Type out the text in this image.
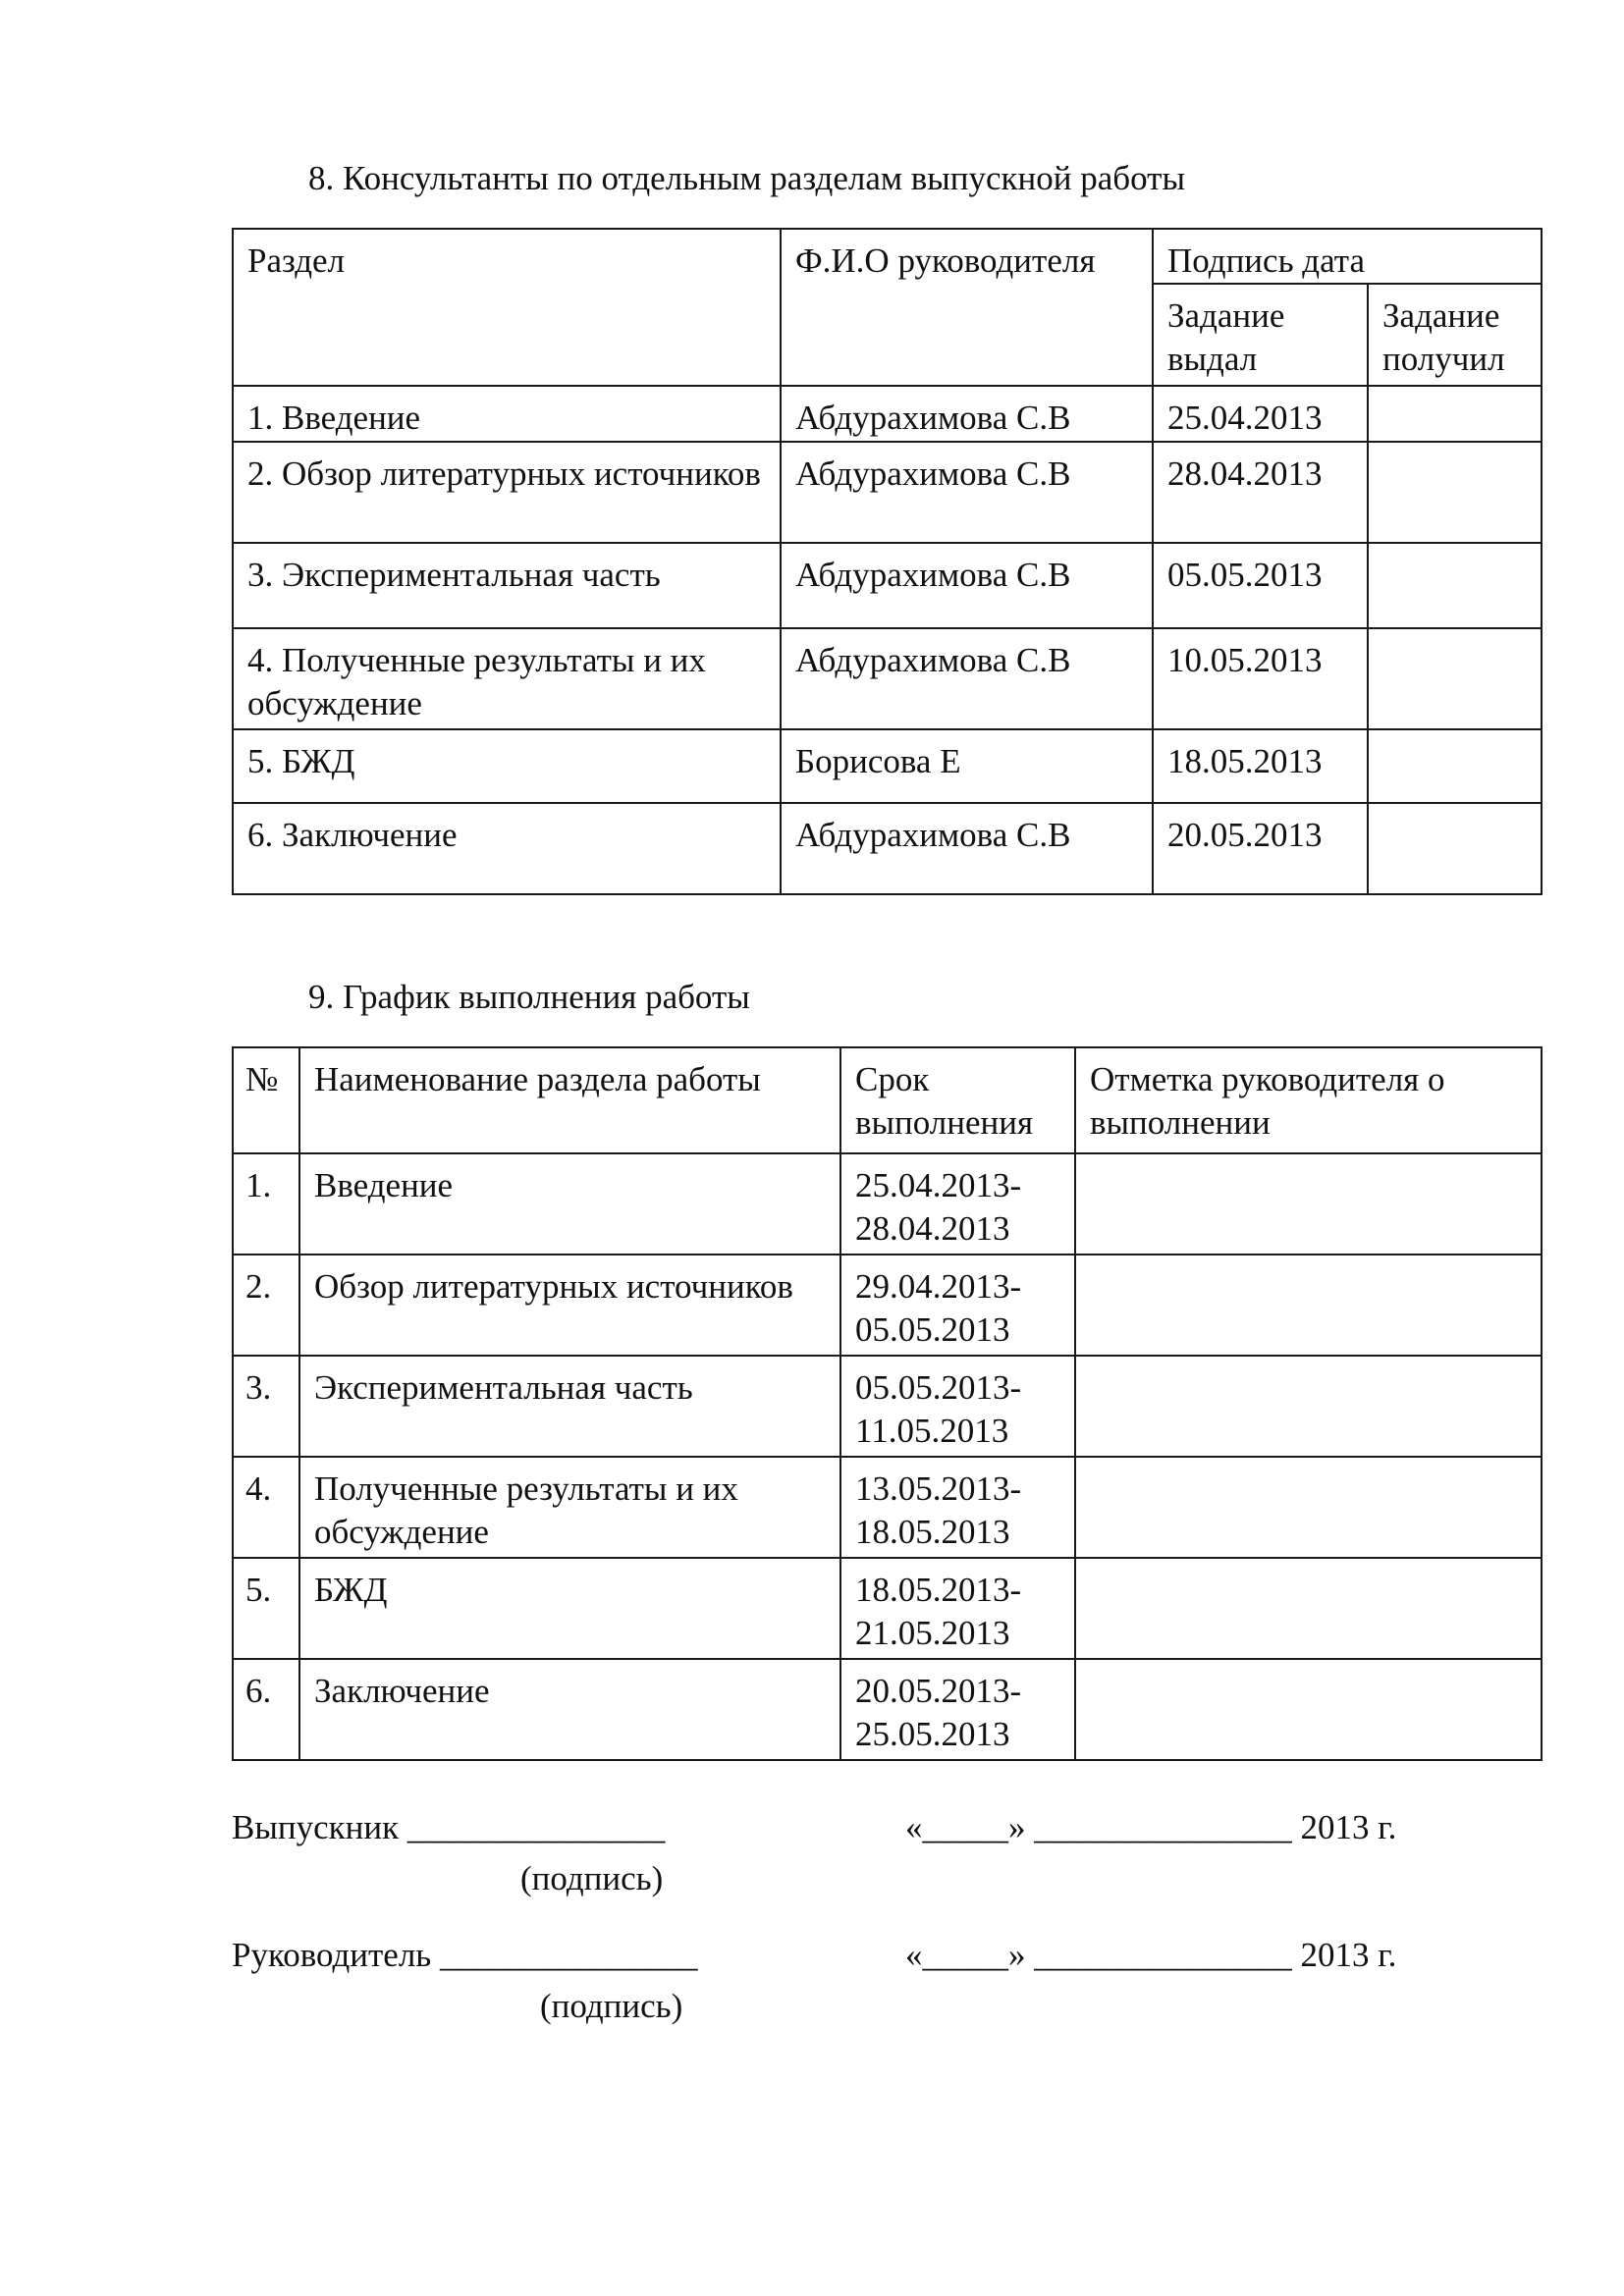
8. Консультанты по отдельным разделам выпускной работы
Раздел	Ф.И.О руководителя	Подпись дата	
		Задание выдал	Задание получил
1. Введение	Абдурахимова С.В	25.04.2013	
2. Обзор литературных источников	Абдурахимова С.В	28.04.2013	
3. Экспериментальная часть	Абдурахимова С.В	05.05.2013	
4. Полученные результаты и их обсуждение	Абдурахимова С.В	10.05.2013	
5. БЖД	Борисова Е	18.05.2013	
6. Заключение	Абдурахимова С.В	20.05.2013	
9. График выполнения работы
№	Наименование раздела работы	Срок выполнения	Отметка руководителя о выполнении
1.	Введение	25.04.2013-
28.04.2013	

2.	Обзор литературных источников	29.04.2013-
05.05.2013	

3.	Экспериментальная часть	05.05.2013-
11.05.2013	

4.	Полученные результаты и их обсуждение	13.05.2013-
18.05.2013	

5.	БЖД	18.05.2013-
21.05.2013	

6.	Заключение	20.05.2013-
25.05.2013	

Выпускник _______________	«_____» _______________ 2013 г.
(подпись)
Руководитель _______________	«_____» _______________ 2013 г.
(подпись)
